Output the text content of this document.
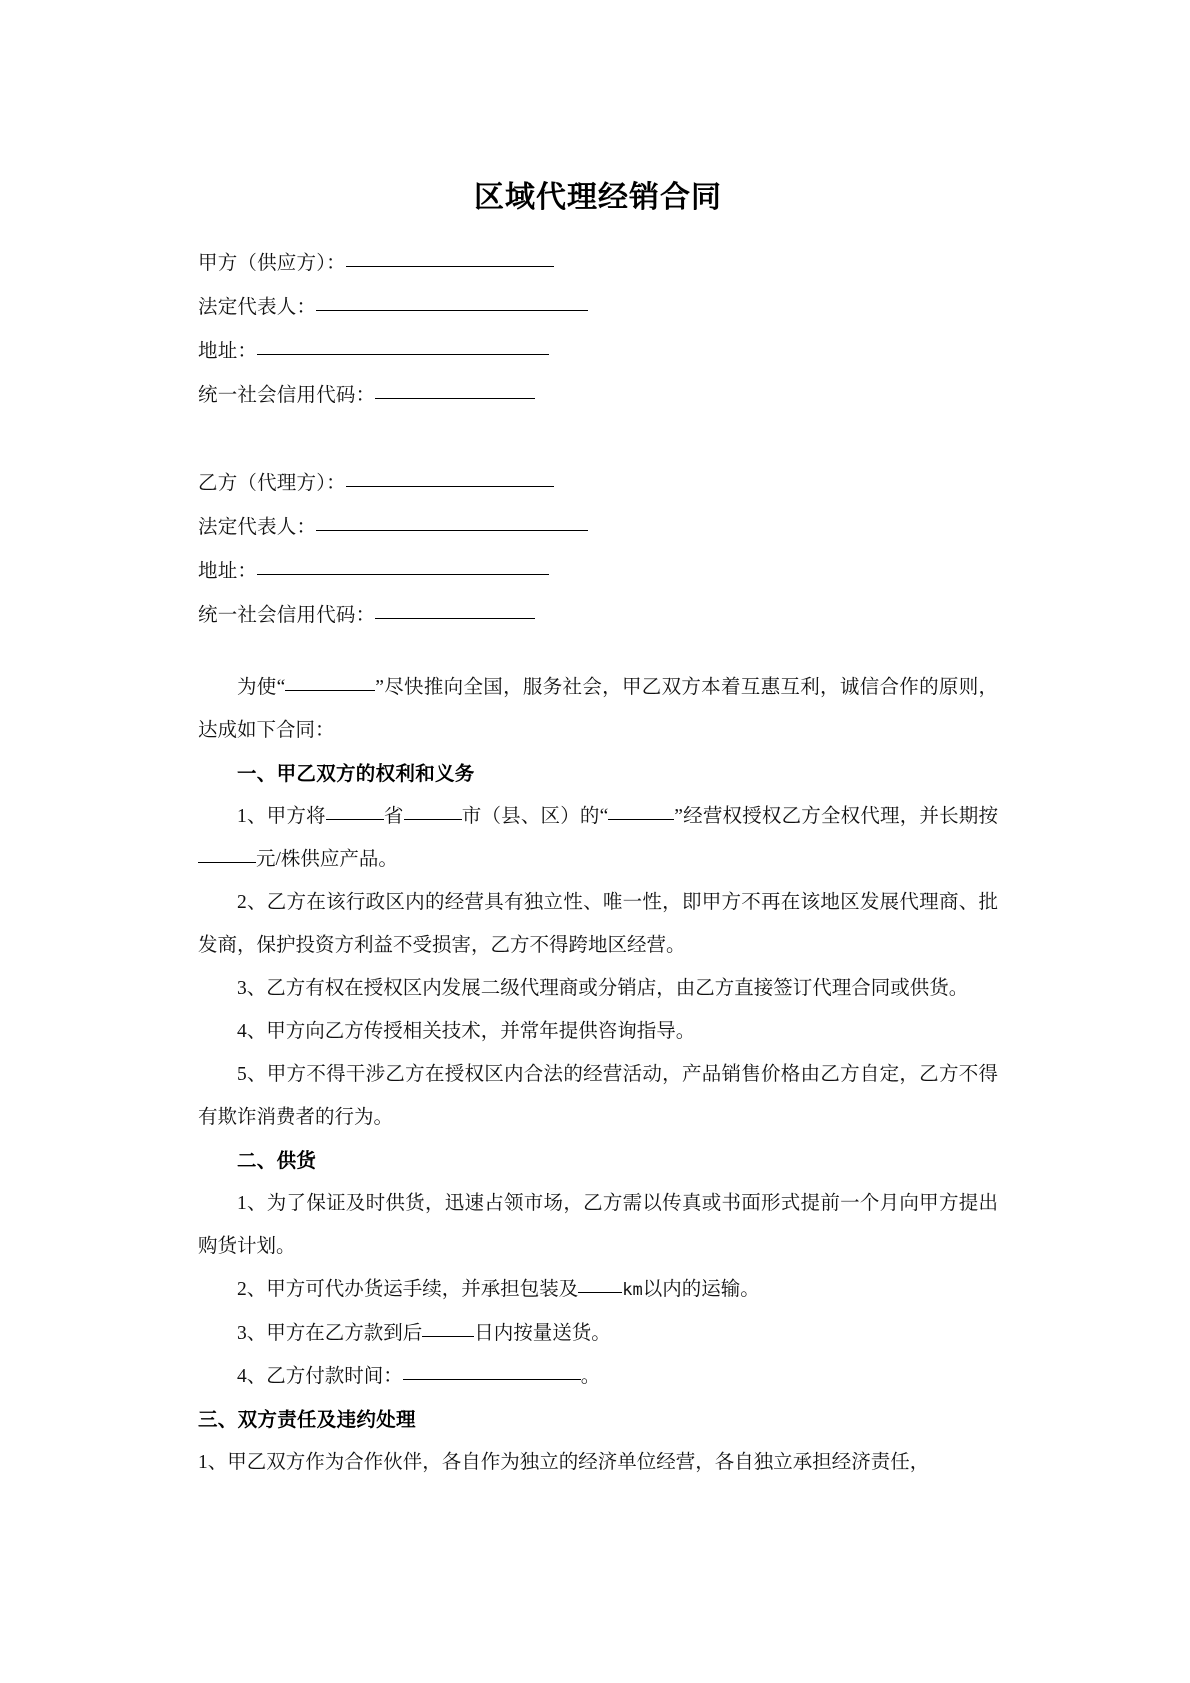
区域代理经销合同
甲方（供应方）：
法定代表人：
地址：
统一社会信用代码：
乙方（代理方）：
法定代表人：
地址：
统一社会信用代码：

为使“	”尽快推向全国，服务社会，甲乙双方本着互惠互利，诚信合作的原则，达成如下合同：

一、甲乙双方的权利和义务

1、甲方将	省	市（县、区）的“	”经营权授权乙方全权代理，并长期按元/株供应产品。

2、乙方在该行政区内的经营具有独立性、唯一性，即甲方不再在该地区发展代理商、批发商，保护投资方利益不受损害，乙方不得跨地区经营。

3、乙方有权在授权区内发展二级代理商或分销店，由乙方直接签订代理合同或供货。

4、甲方向乙方传授相关技术，并常年提供咨询指导。

5、甲方不得干涉乙方在授权区内合法的经营活动，产品销售价格由乙方自定，乙方不得有欺诈消费者的行为。

二、供货

1、为了保证及时供货，迅速占领市场，乙方需以传真或书面形式提前一个月向甲方提出购货计划。

2、甲方可代办货运手续，并承担包装及	km以内的运输。

3、甲方在乙方款到后	日内按量送货。

4、乙方付款时间：	。

三、双方责任及违约处理

1、甲乙双方作为合作伙伴，各自作为独立的经济单位经营，各自独立承担经济责任，
